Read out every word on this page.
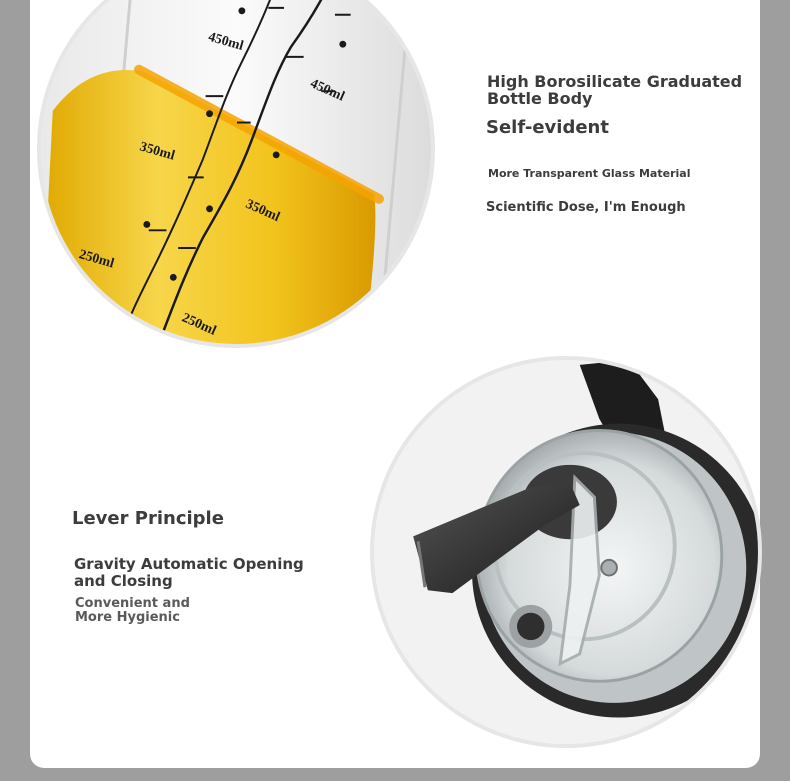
450ml
450ml
350ml
350ml
250ml
250ml

High Borosilicate Graduated Bottle Body

Self-evident

More Transparent Glass Material

Scientific Dose, I'm Enough

Lever Principle

Gravity Automatic Opening and Closing

Convenient and More Hygienic
